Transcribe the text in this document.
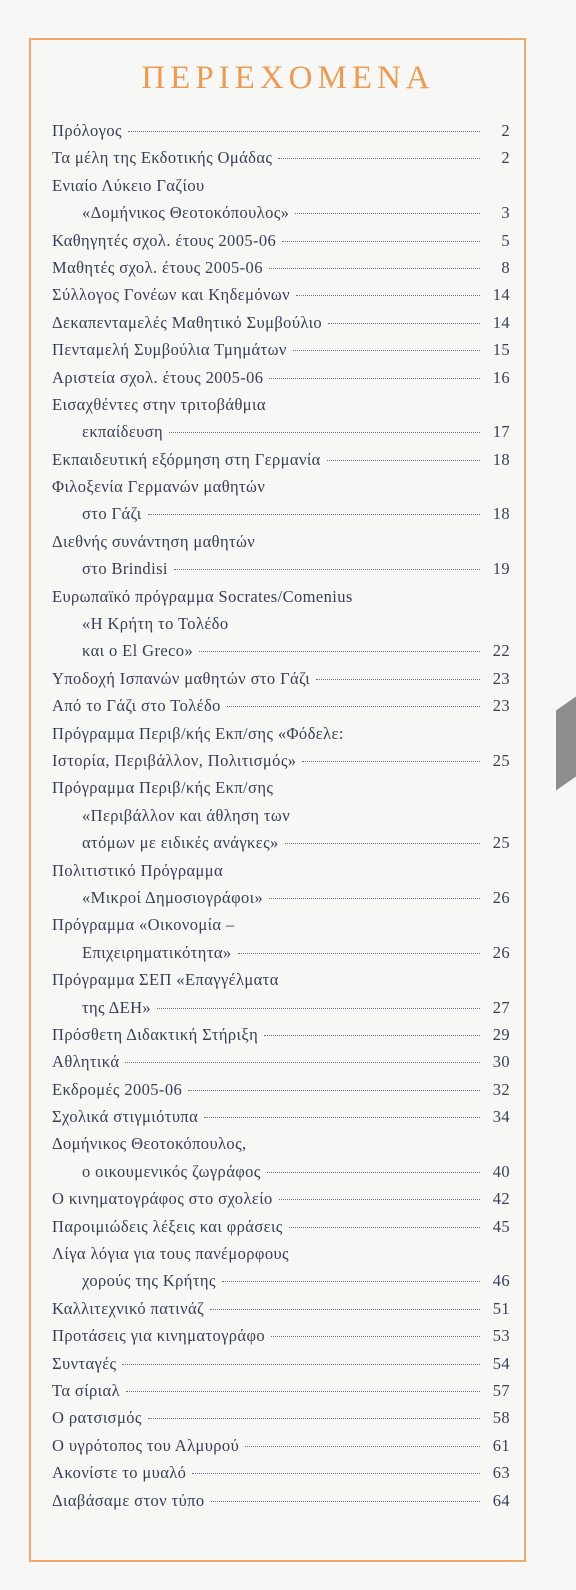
ΠΕΡΙΕΧΟΜΕΝΑ
Πρόλογος	2
Τα μέλη της Εκδοτικής Ομάδας	2
Ενιαίο Λύκειο Γαζίου
«Δομήνικος Θεοτοκόπουλος»	3
Καθηγητές σχολ. έτους 2005-06	5
Μαθητές σχολ. έτους 2005-06	8
Σύλλογος Γονέων και Κηδεμόνων	14
Δεκαπενταμελές Μαθητικό Συμβούλιο	14
Πενταμελή Συμβούλια Τμημάτων	15
Αριστεία σχολ. έτους 2005-06	16
Εισαχθέντες στην τριτοβάθμια
εκπαίδευση	17
Εκπαιδευτική εξόρμηση στη Γερμανία	18
Φιλοξενία Γερμανών μαθητών
στο Γάζι	18
Διεθνής συνάντηση μαθητών
στο Brindisi	19
Ευρωπαϊκό πρόγραμμα Socrates/Comenius
«Η Κρήτη το Τολέδο
και ο El Greco»	22
Υποδοχή Ισπανών μαθητών στο Γάζι	23
Από το Γάζι στο Τολέδο	23
Πρόγραμμα Περιβ/κής Εκπ/σης «Φόδελε:
Ιστορία, Περιβάλλον, Πολιτισμός»	25
Πρόγραμμα Περιβ/κής Εκπ/σης
«Περιβάλλον και άθληση των
ατόμων με ειδικές ανάγκες»	25
Πολιτιστικό Πρόγραμμα
«Μικροί Δημοσιογράφοι»	26
Πρόγραμμα «Οικονομία –
Επιχειρηματικότητα»	26
Πρόγραμμα ΣΕΠ «Επαγγέλματα
της ΔΕΗ»	27
Πρόσθετη Διδακτική Στήριξη	29
Αθλητικά	30
Εκδρομές 2005-06	32
Σχολικά στιγμιότυπα	34
Δομήνικος Θεοτοκόπουλος,
ο οικουμενικός ζωγράφος	40
Ο κινηματογράφος στο σχολείο	42
Παροιμιώδεις λέξεις και φράσεις	45
Λίγα λόγια για τους πανέμορφους
χορούς της Κρήτης	46
Καλλιτεχνικό πατινάζ	51
Προτάσεις για κινηματογράφο	53
Συνταγές	54
Τα σίριαλ	57
Ο ρατσισμός	58
Ο υγρότοπος του Αλμυρού	61
Ακονίστε το μυαλό	63
Διαβάσαμε στον τύπο	64
